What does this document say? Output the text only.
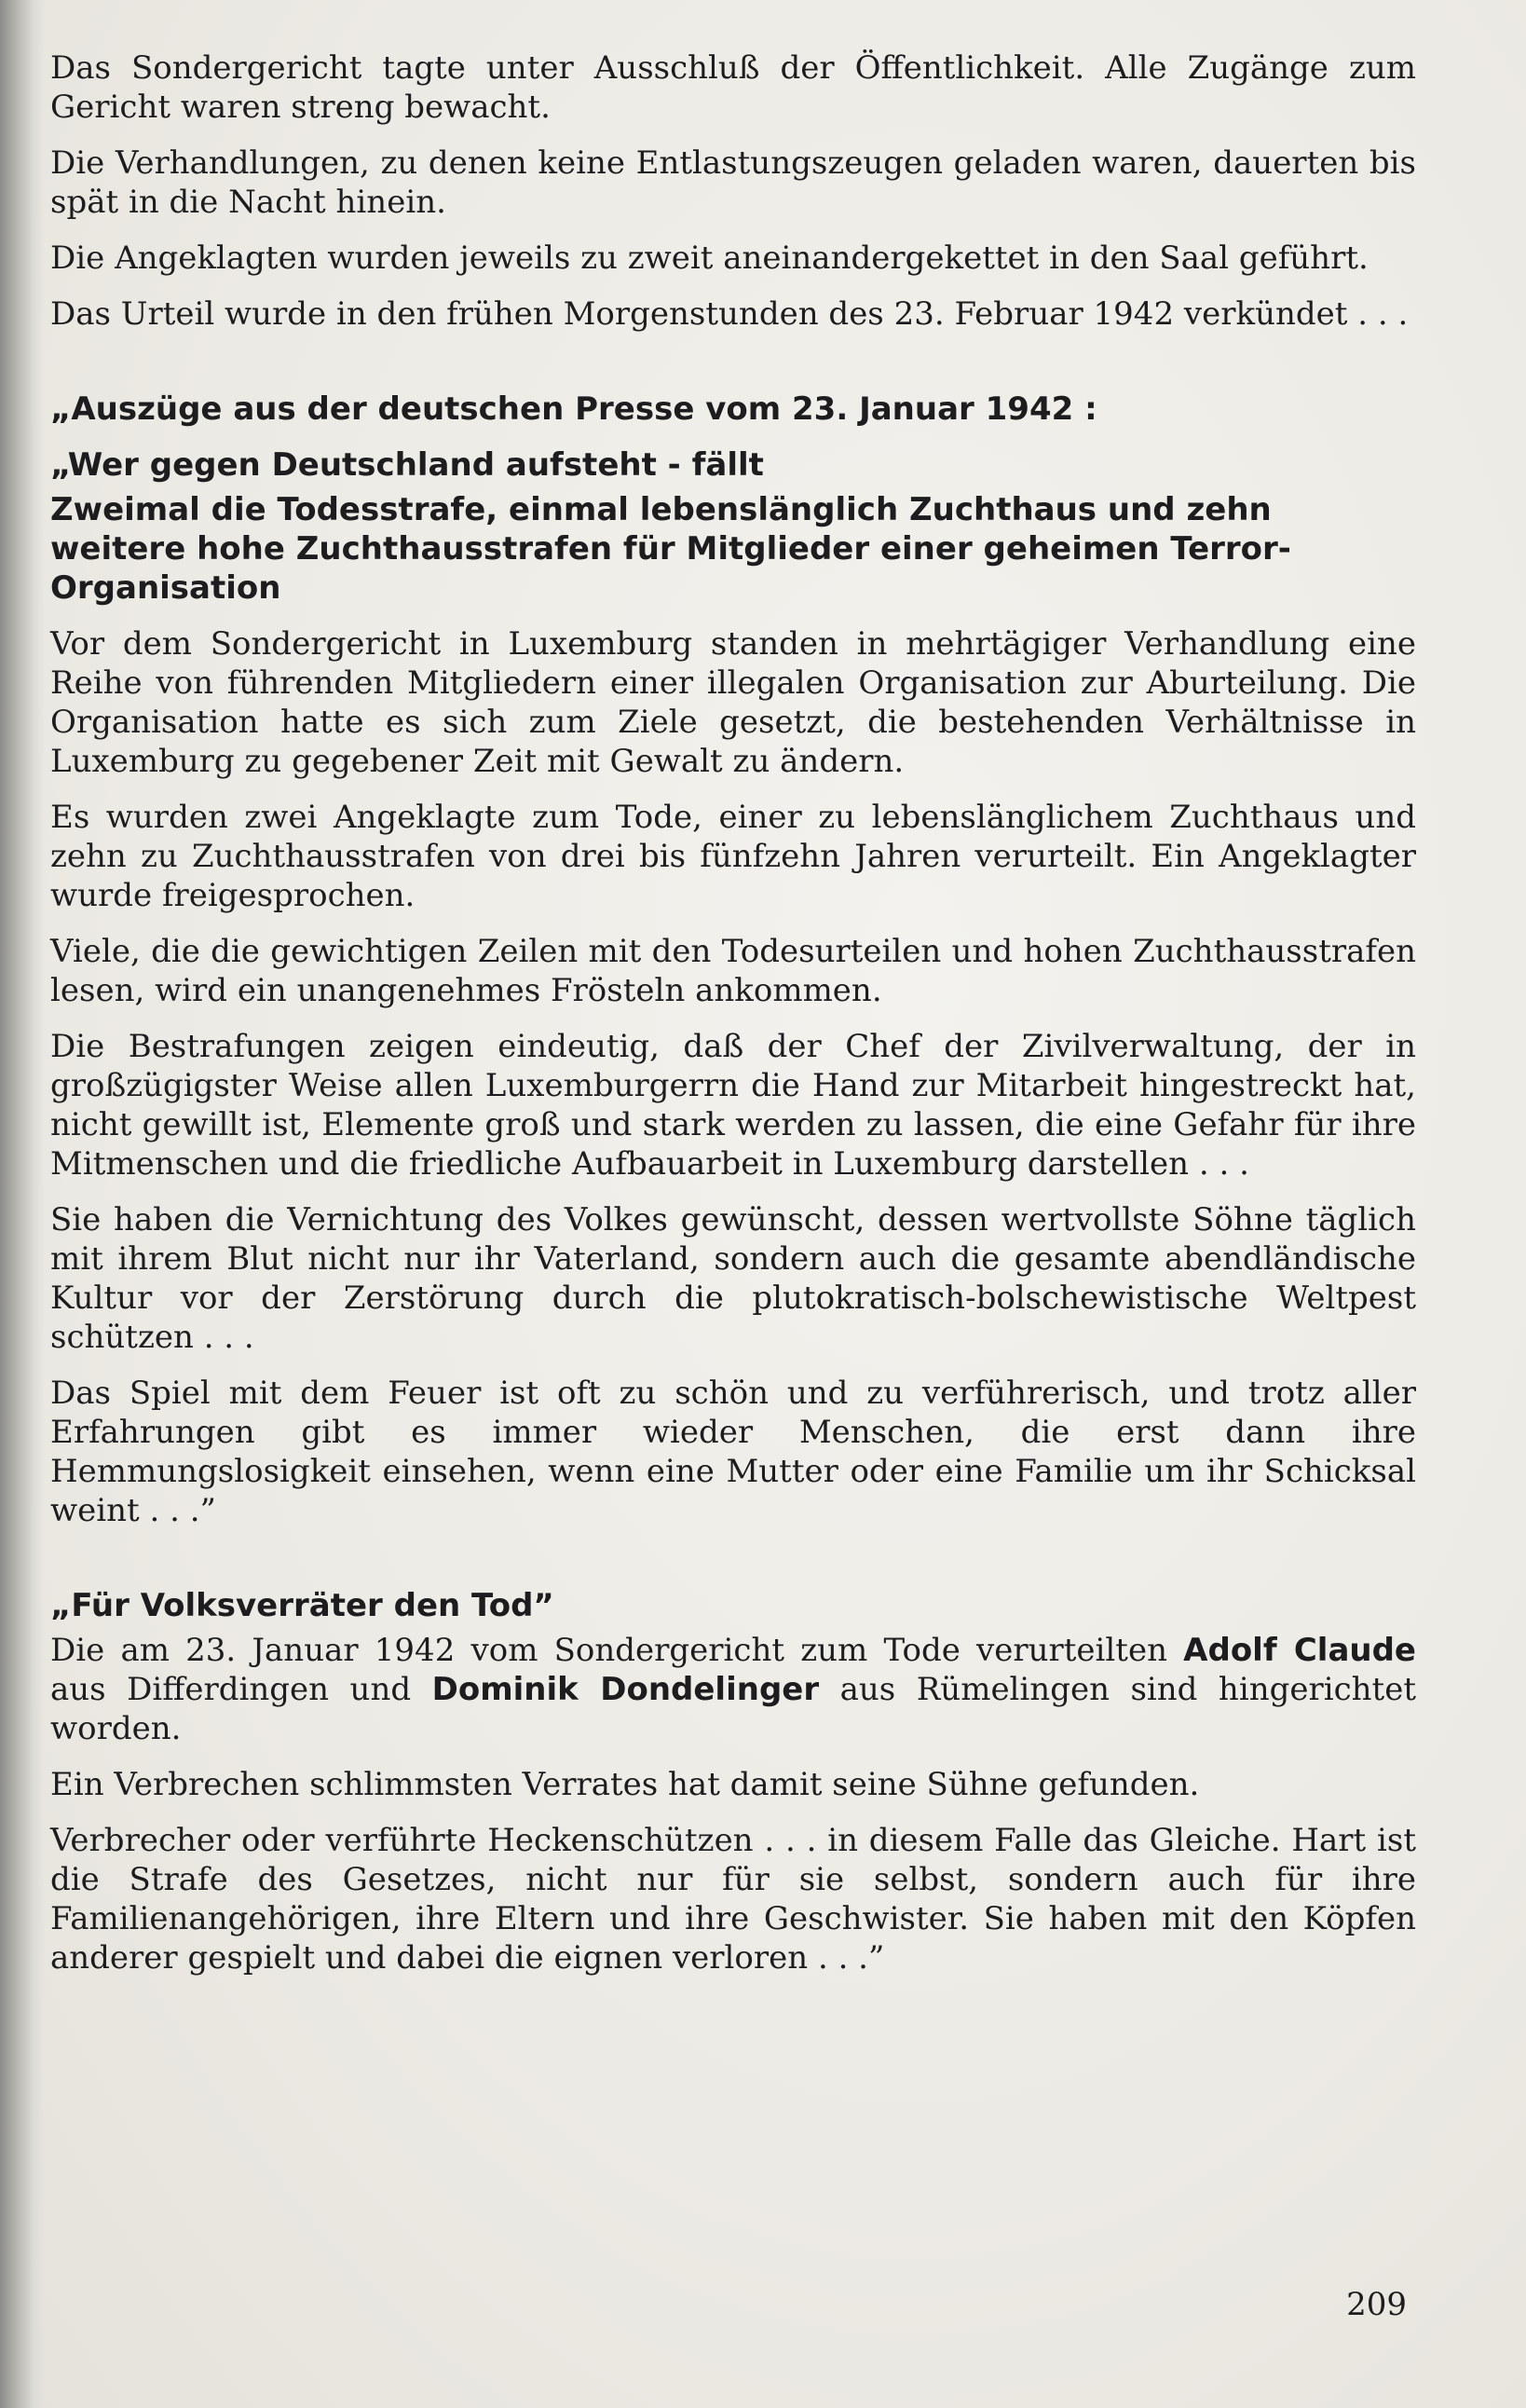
Das Sondergericht tagte unter Ausschluß der Öffentlichkeit. Alle Zugänge zum Gericht waren streng bewacht.

Die Verhandlungen, zu denen keine Entlastungszeugen geladen waren, dauerten bis spät in die Nacht hinein.

Die Angeklagten wurden jeweils zu zweit aneinandergekettet in den Saal geführt.

Das Urteil wurde in den frühen Morgenstunden des 23. Februar 1942 verkündet . . .

„Auszüge aus der deutschen Presse vom 23. Januar 1942 :
„Wer gegen Deutschland aufsteht - fällt
Zweimal die Todesstrafe, einmal lebenslänglich Zuchthaus und zehn weitere hohe Zuchthausstrafen für Mitglieder einer geheimen Terror-Organisation

Vor dem Sondergericht in Luxemburg standen in mehrtägiger Verhandlung eine Reihe von führenden Mitgliedern einer illegalen Organisation zur Aburteilung. Die Organisation hatte es sich zum Ziele gesetzt, die bestehenden Verhältnisse in Luxemburg zu gegebener Zeit mit Gewalt zu ändern.

Es wurden zwei Angeklagte zum Tode, einer zu lebenslänglichem Zuchthaus und zehn zu Zuchthausstrafen von drei bis fünfzehn Jahren verurteilt. Ein Angeklagter wurde freigesprochen.

Viele, die die gewichtigen Zeilen mit den Todesurteilen und hohen Zuchthausstrafen lesen, wird ein unangenehmes Frösteln ankommen.

Die Bestrafungen zeigen eindeutig, daß der Chef der Zivilverwaltung, der in großzügigster Weise allen Luxemburgerrn die Hand zur Mitarbeit hingestreckt hat, nicht gewillt ist, Elemente groß und stark werden zu lassen, die eine Gefahr für ihre Mitmenschen und die friedliche Aufbauarbeit in Luxemburg darstellen . . .

Sie haben die Vernichtung des Volkes gewünscht, dessen wertvollste Söhne täglich mit ihrem Blut nicht nur ihr Vaterland, sondern auch die gesamte abendländische Kultur vor der Zerstörung durch die plutokratisch-bolschewistische Weltpest schützen . . .

Das Spiel mit dem Feuer ist oft zu schön und zu verführerisch, und trotz aller Erfahrungen gibt es immer wieder Menschen, die erst dann ihre Hemmungslosigkeit einsehen, wenn eine Mutter oder eine Familie um ihr Schicksal weint . . .”

„Für Volksverräter den Tod”

Die am 23. Januar 1942 vom Sondergericht zum Tode verurteilten Adolf Claude aus Differdingen und Dominik Dondelinger aus Rümelingen sind hingerichtet worden.

Ein Verbrechen schlimmsten Verrates hat damit seine Sühne gefunden.

Verbrecher oder verführte Heckenschützen . . . in diesem Falle das Gleiche. Hart ist die Strafe des Gesetzes, nicht nur für sie selbst, sondern auch für ihre Familienangehörigen, ihre Eltern und ihre Geschwister. Sie haben mit den Köpfen anderer gespielt und dabei die eignen verloren . . .”

209
